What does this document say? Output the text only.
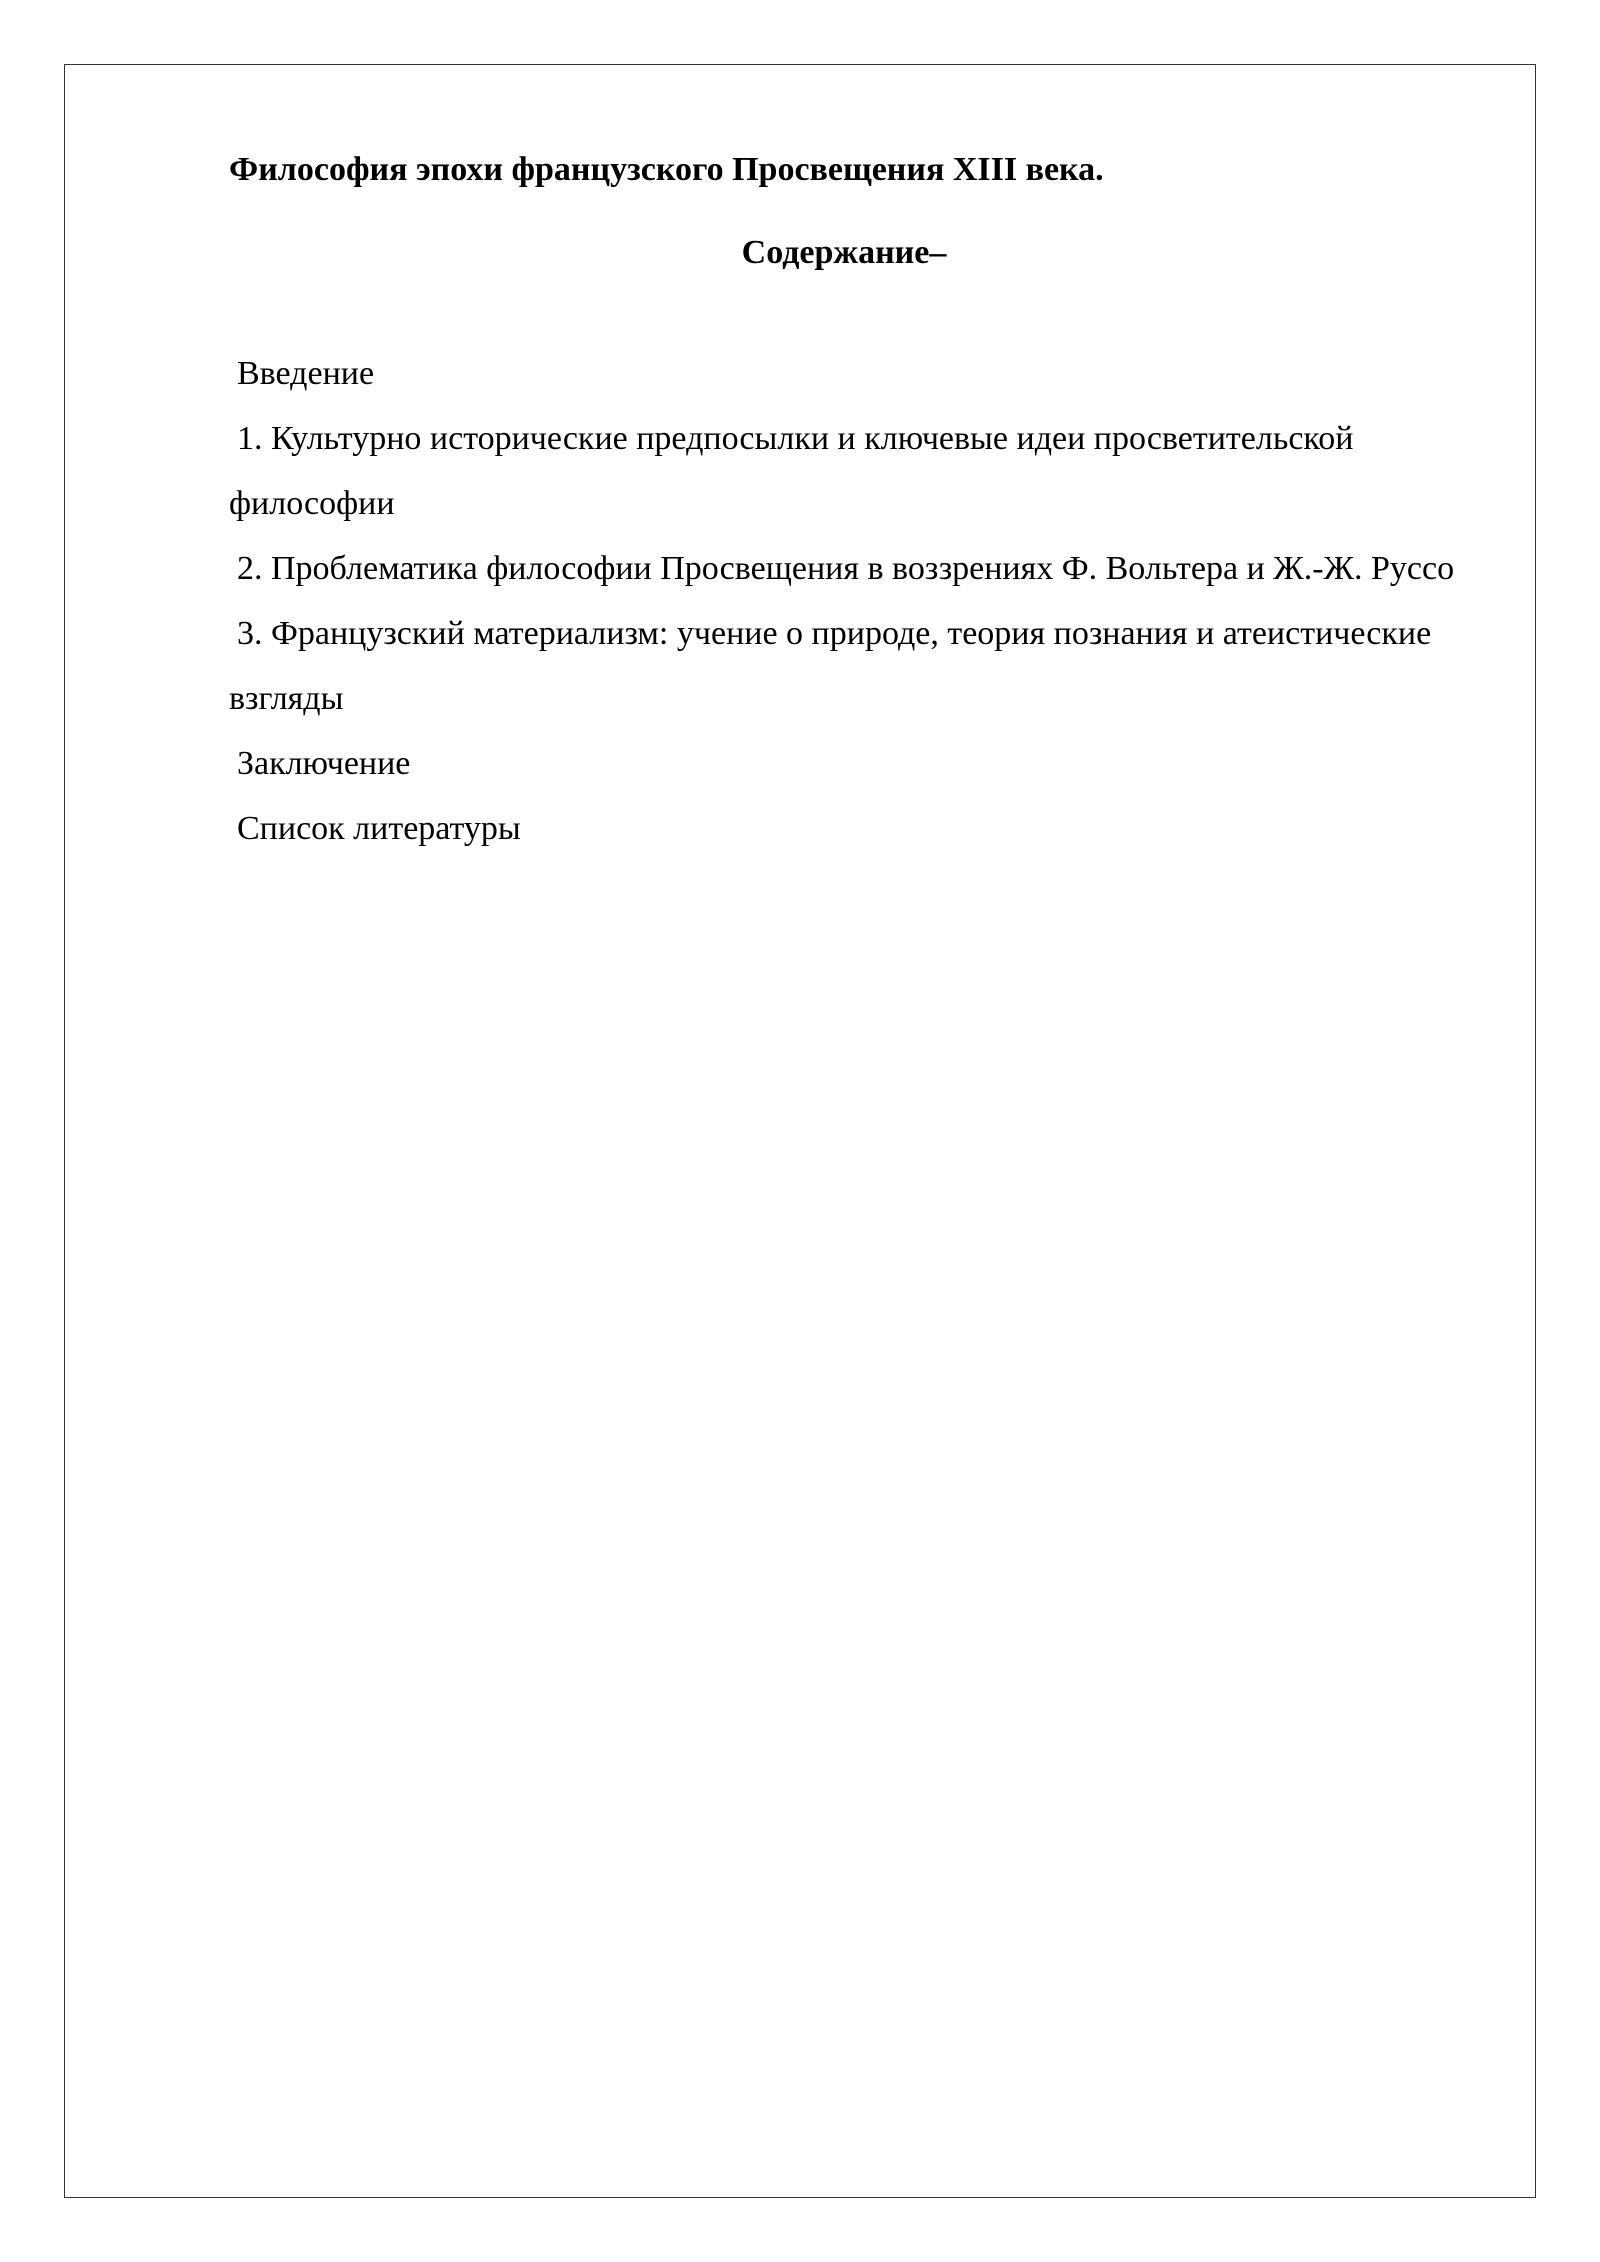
Философия эпохи французского Просвещения XIII века.

Содержание–

Введение
1. Культурно исторические предпосылки и ключевые идеи просветительской философии
2. Проблематика философии Просвещения в воззрениях Ф. Вольтера и Ж.-Ж. Руссо
3. Французский материализм: учение о природе, теория познания и атеистические взгляды
Заключение
Список литературы
